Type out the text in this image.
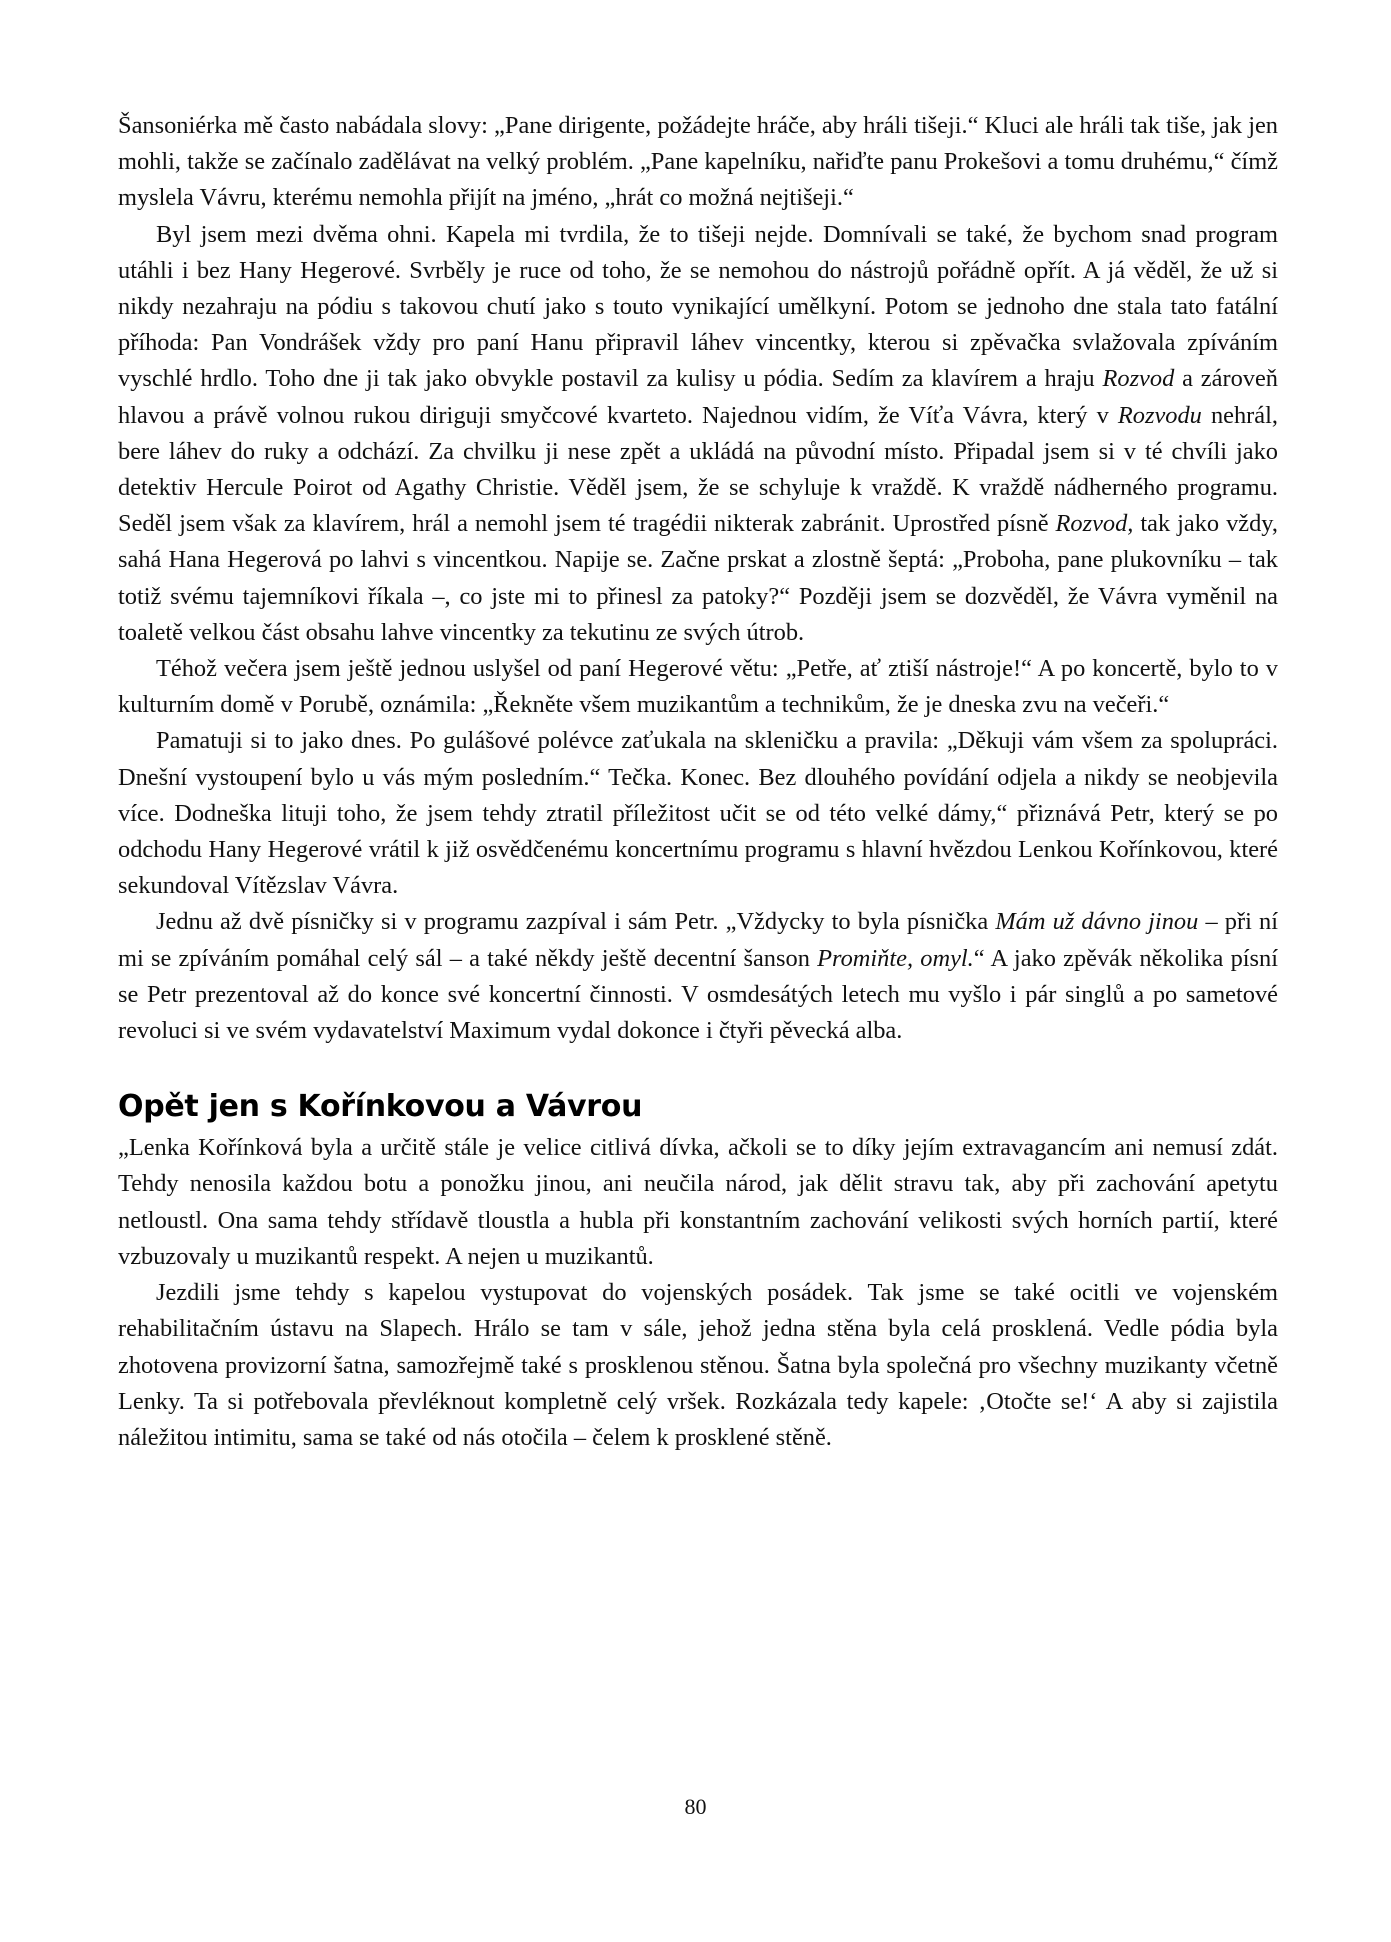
Šansoniérka mě často nabádala slovy: „Pane dirigente, požádejte hráče, aby hráli tišeji.“ Kluci ale hráli tak tiše, jak jen mohli, takže se začínalo zadělávat na velký problém. „Pane kapelníku, nařiďte panu Prokešovi a tomu druhému,“ čímž myslela Vávru, kterému nemohla přijít na jméno, „hrát co možná nejtišeji.“

Byl jsem mezi dvěma ohni. Kapela mi tvrdila, že to tišeji nejde. Domnívali se také, že bychom snad program utáhli i bez Hany Hegerové. Svrběly je ruce od toho, že se nemohou do nástrojů pořádně opřít. A já věděl, že už si nikdy nezahraju na pódiu s takovou chutí jako s touto vynikající umělkyní. Potom se jednoho dne stala tato fatální příhoda: Pan Vondrášek vždy pro paní Hanu připravil láhev vincentky, kterou si zpěvačka svlažovala zpíváním vyschlé hrdlo. Toho dne ji tak jako obvykle postavil za kulisy u pódia. Sedím za klavírem a hraju Rozvod a zároveň hlavou a právě volnou rukou diriguji smyčcové kvarteto. Najednou vidím, že Víťa Vávra, který v Rozvodu nehrál, bere láhev do ruky a odchází. Za chvilku ji nese zpět a ukládá na původní místo. Připadal jsem si v té chvíli jako detektiv Hercule Poirot od Agathy Christie. Věděl jsem, že se schyluje k vraždě. K vraždě nádherného programu. Seděl jsem však za klavírem, hrál a nemohl jsem té tragédii nikterak zabránit. Uprostřed písně Rozvod, tak jako vždy, sahá Hana Hegerová po lahvi s vincentkou. Napije se. Začne prskat a zlostně šeptá: „Proboha, pane plukovníku – tak totiž svému tajemníkovi říkala –, co jste mi to přinesl za patoky?“ Později jsem se dozvěděl, že Vávra vyměnil na toaletě velkou část obsahu lahve vincentky za tekutinu ze svých útrob.

Téhož večera jsem ještě jednou uslyšel od paní Hegerové větu: „Petře, ať ztiší nástroje!“ A po koncertě, bylo to v kulturním domě v Porubě, oznámila: „Řekněte všem muzikantům a technikům, že je dneska zvu na večeři.“

Pamatuji si to jako dnes. Po gulášové polévce zaťukala na skleničku a pravila: „Děkuji vám všem za spolupráci. Dnešní vystoupení bylo u vás mým posledním.“ Tečka. Konec. Bez dlouhého povídání odjela a nikdy se neobjevila více. Dodneška lituji toho, že jsem tehdy ztratil příležitost učit se od této velké dámy,“ přiznává Petr, který se po odchodu Hany Hegerové vrátil k již osvědčenému koncertnímu programu s hlavní hvězdou Lenkou Kořínkovou, které sekundoval Vítězslav Vávra.

Jednu až dvě písničky si v programu zazpíval i sám Petr. „Vždycky to byla písnička Mám už dávno jinou – při ní mi se zpíváním pomáhal celý sál – a také někdy ještě decentní šanson Promiňte, omyl.“ A jako zpěvák několika písní se Petr prezentoval až do konce své koncertní činnosti. V osmdesátých letech mu vyšlo i pár singlů a po sametové revoluci si ve svém vydavatelství Maximum vydal dokonce i čtyři pěvecká alba.

Opět jen s Kořínkovou a Vávrou

„Lenka Kořínková byla a určitě stále je velice citlivá dívka, ačkoli se to díky jejím extravagancím ani nemusí zdát. Tehdy nenosila každou botu a ponožku jinou, ani neučila národ, jak dělit stravu tak, aby při zachování apetytu netloustl. Ona sama tehdy střídavě tloustla a hubla při konstantním zachování velikosti svých horních partií, které vzbuzovaly u muzikantů respekt. A nejen u muzikantů.

Jezdili jsme tehdy s kapelou vystupovat do vojenských posádek. Tak jsme se také ocitli ve vojenském rehabilitačním ústavu na Slapech. Hrálo se tam v sále, jehož jedna stěna byla celá prosklená. Vedle pódia byla zhotovena provizorní šatna, samozřejmě také s prosklenou stěnou. Šatna byla společná pro všechny muzikanty včetně Lenky. Ta si potřebovala převléknout kompletně celý vršek. Rozkázala tedy kapele: ‚Otočte se!‘ A aby si zajistila náležitou intimitu, sama se také od nás otočila – čelem k prosklené stěně.

80
